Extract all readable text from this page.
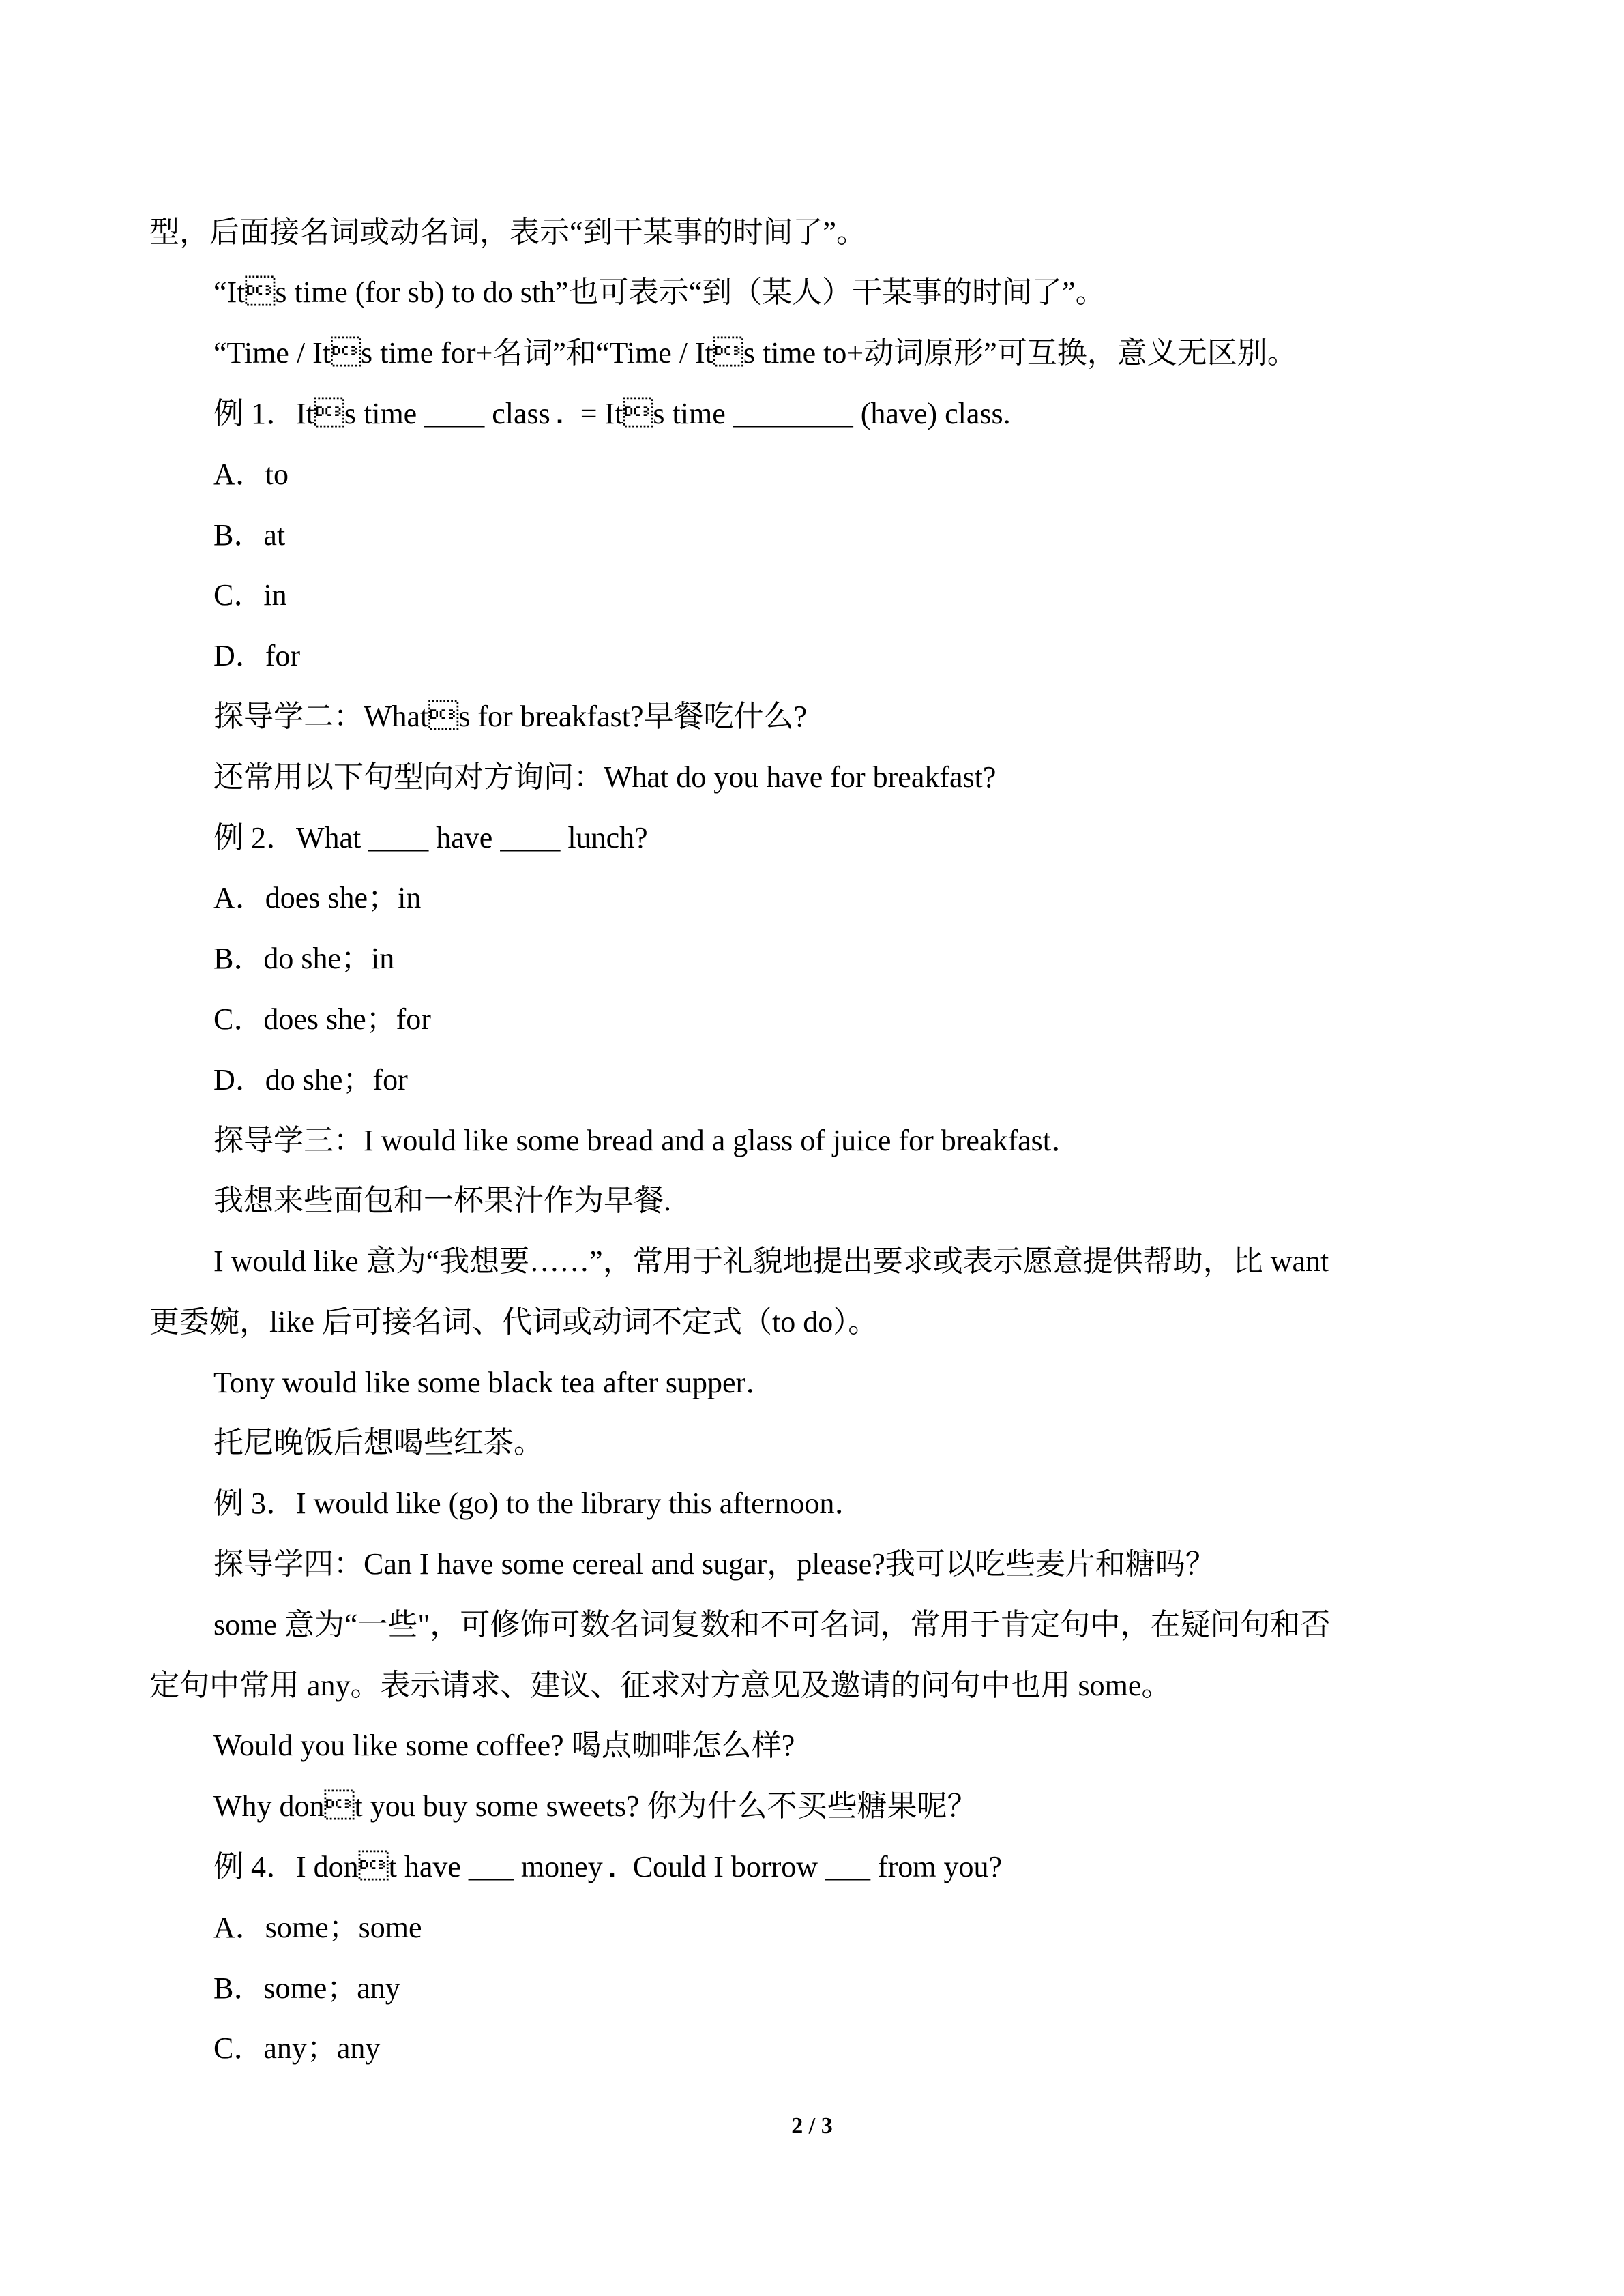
型，后面接名词或动名词，表示“到干某事的时间了”。
“Its time (for sb) to do sth”也可表示“到（某人）干某事的时间了”。
“Time / Its time for+名词”和“Time / Its time to+动词原形”可互换，意义无区别。
例 1．Its time ____ class．= Its time ________ (have) class.
A．to
B．at
C．in
D．for
探导学二：Whats for breakfast?早餐吃什么?
还常用以下句型向对方询问：What do you have for breakfast?
例 2．What ____ have ____ lunch?
A．does she；in
B．do she；in
C．does she；for
D．do she；for
探导学三：I would like some bread and a glass of juice for breakfast．
我想来些面包和一杯果汁作为早餐.
I would like 意为“我想要……”，常用于礼貌地提出要求或表示愿意提供帮助，比 want
更委婉，like 后可接名词、代词或动词不定式（to do）。
Tony would like some black tea after supper．
托尼晚饭后想喝些红茶。
例 3．I would like (go) to the library this afternoon．
探导学四：Can I have some cereal and sugar，please?我可以吃些麦片和糖吗？
some 意为“一些"，可修饰可数名词复数和不可名词，常用于肯定句中，在疑问句和否
定句中常用 any。表示请求、建议、征求对方意见及邀请的问句中也用 some。
Would you like some coffee? 喝点咖啡怎么样?
Why dont you buy some sweets? 你为什么不买些糖果呢？
例 4．I dont have ___ money．Could I borrow ___ from you?
A．some；some
B．some；any
C．any；any
2 / 3
